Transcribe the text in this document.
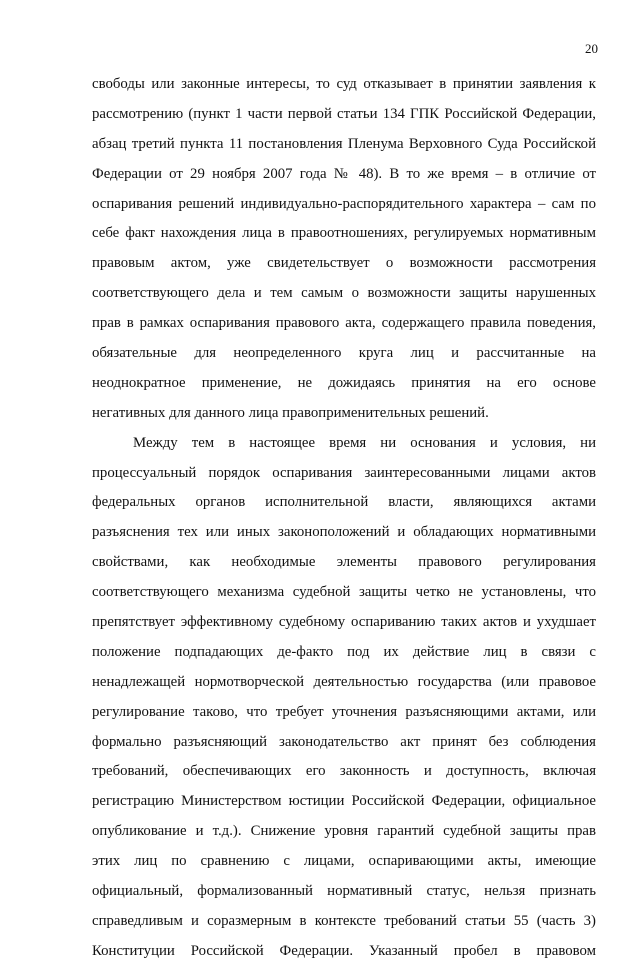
20
свободы или законные интересы, то суд отказывает в принятии заявления к
рассмотрению (пункт 1 части первой статьи 134 ГПК Российской Федерации,
абзац третий пункта 11 постановления Пленума Верховного Суда Российской
Федерации от 29 ноября 2007 года № 48). В то же время – в отличие от
оспаривания решений индивидуально-распорядительного характера – сам по
себе факт нахождения лица в правоотношениях, регулируемых нормативным
правовым актом, уже свидетельствует о возможности рассмотрения
соответствующего дела и тем самым о возможности защиты нарушенных
прав в рамках оспаривания правового акта, содержащего правила поведения,
обязательные для неопределенного круга лиц и рассчитанные на
неоднократное применение, не дожидаясь принятия на его основе
негативных для данного лица правоприменительных решений.
Между тем в настоящее время ни основания и условия, ни
процессуальный порядок оспаривания заинтересованными лицами актов
федеральных органов исполнительной власти, являющихся актами
разъяснения тех или иных законоположений и обладающих нормативными
свойствами, как необходимые элементы правового регулирования
соответствующего механизма судебной защиты четко не установлены, что
препятствует эффективному судебному оспариванию таких актов и ухудшает
положение подпадающих де-факто под их действие лиц в связи с
ненадлежащей нормотворческой деятельностью государства (или правовое
регулирование таково, что требует уточнения разъясняющими актами, или
формально разъясняющий законодательство акт принят без соблюдения
требований, обеспечивающих его законность и доступность, включая
регистрацию Министерством юстиции Российской Федерации, официальное
опубликование и т.д.). Снижение уровня гарантий судебной защиты прав
этих лиц по сравнению с лицами, оспаривающими акты, имеющие
официальный, формализованный нормативный статус, нельзя признать
справедливым и соразмерным в контексте требований статьи 55 (часть 3)
Конституции Российской Федерации. Указанный пробел в правовом
